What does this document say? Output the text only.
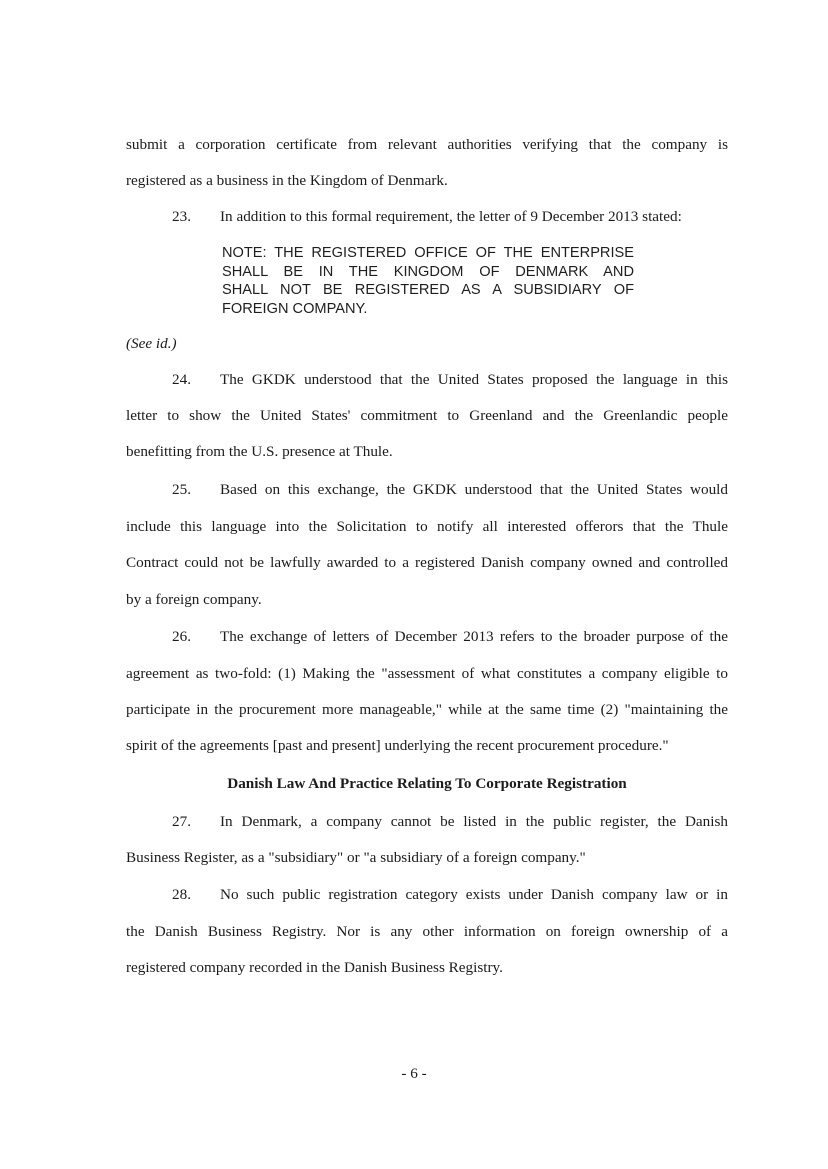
submit a corporation certificate from relevant authorities verifying that the company is
registered as a business in the Kingdom of Denmark.
23. In addition to this formal requirement, the letter of 9 December 2013 stated:
NOTE: THE REGISTERED OFFICE OF THE ENTERPRISE
SHALL BE IN THE KINGDOM OF DENMARK AND
SHALL NOT BE REGISTERED AS A SUBSIDIARY OF
FOREIGN COMPANY.
(See id.)
24. The GKDK understood that the United States proposed the language in this
letter to show the United States' commitment to Greenland and the Greenlandic people
benefitting from the U.S. presence at Thule.
25. Based on this exchange, the GKDK understood that the United States would
include this language into the Solicitation to notify all interested offerors that the Thule
Contract could not be lawfully awarded to a registered Danish company owned and controlled
by a foreign company.
26. The exchange of letters of December 2013 refers to the broader purpose of the
agreement as two-fold: (1) Making the "assessment of what constitutes a company eligible to
participate in the procurement more manageable," while at the same time (2) "maintaining the
spirit of the agreements [past and present] underlying the recent procurement procedure."
Danish Law And Practice Relating To Corporate Registration
27. In Denmark, a company cannot be listed in the public register, the Danish
Business Register, as a "subsidiary" or "a subsidiary of a foreign company."
28. No such public registration category exists under Danish company law or in
the Danish Business Registry. Nor is any other information on foreign ownership of a
registered company recorded in the Danish Business Registry.
- 6 -
